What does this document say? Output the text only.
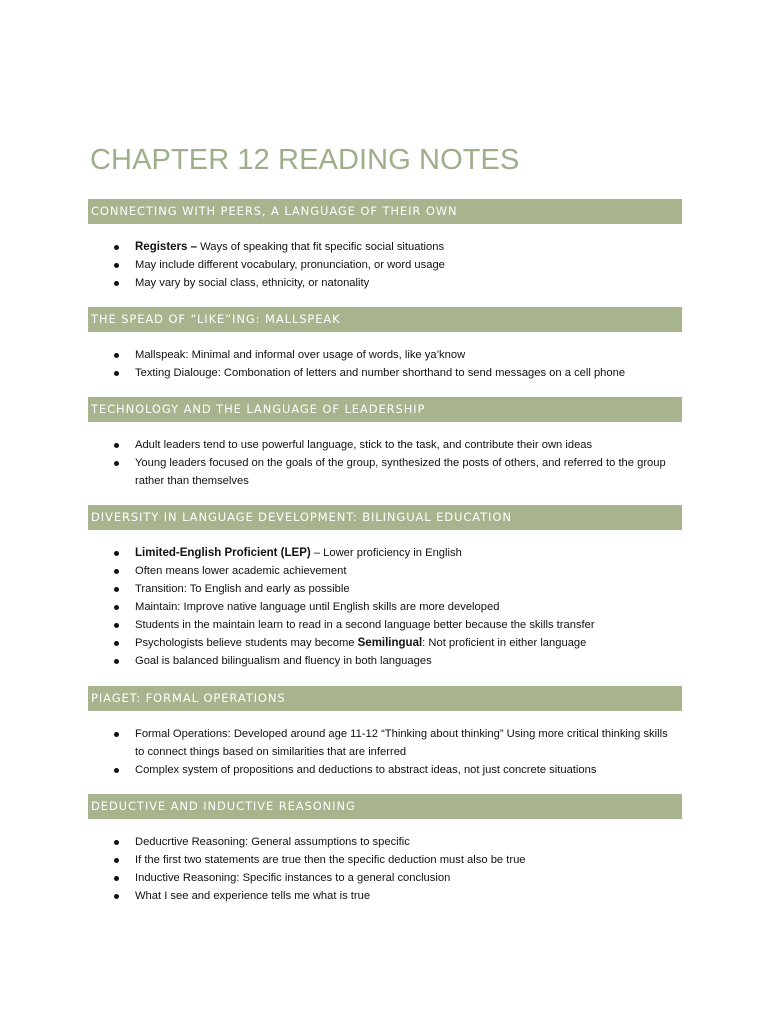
CHAPTER 12 READING NOTES
CONNECTING WITH PEERS, A LANGUAGE OF THEIR OWN
Registers – Ways of speaking that fit specific social situations
May include different vocabulary, pronunciation, or word usage
May vary by social class, ethnicity, or natonality
THE SPEAD OF “LIKE”ING: MALLSPEAK
Mallspeak: Minimal and informal over usage of words, like ya’know
Texting Dialouge: Combonation of letters and number shorthand to send messages on a cell phone
TECHNOLOGY AND THE LANGUAGE OF LEADERSHIP
Adult leaders tend to use powerful language, stick to the task, and contribute their own ideas
Young leaders focused on the goals of the group, synthesized the posts of others, and referred to the group rather than themselves
DIVERSITY IN LANGUAGE DEVELOPMENT: BILINGUAL EDUCATION
Limited-English Proficient (LEP) – Lower proficiency in English
Often means lower academic achievement
Transition: To English and early as possible
Maintain: Improve native language until English skills are more developed
Students in the maintain learn to read in a second language better because the skills transfer
Psychologists believe students may become Semilingual: Not proficient in either language
Goal is balanced bilingualism and fluency in both languages
PIAGET: FORMAL OPERATIONS
Formal Operations: Developed around age 11-12 “Thinking about thinking” Using more critical thinking skills to connect things based on similarities that are inferred
Complex system of propositions and deductions to abstract ideas, not just concrete situations
DEDUCTIVE AND INDUCTIVE REASONING
Deducrtive Reasoning: General assumptions to specific
If the first two statements are true then the specific deduction must also be true
Inductive Reasoning: Specific instances to a general conclusion
What I see and experience tells me what is true
